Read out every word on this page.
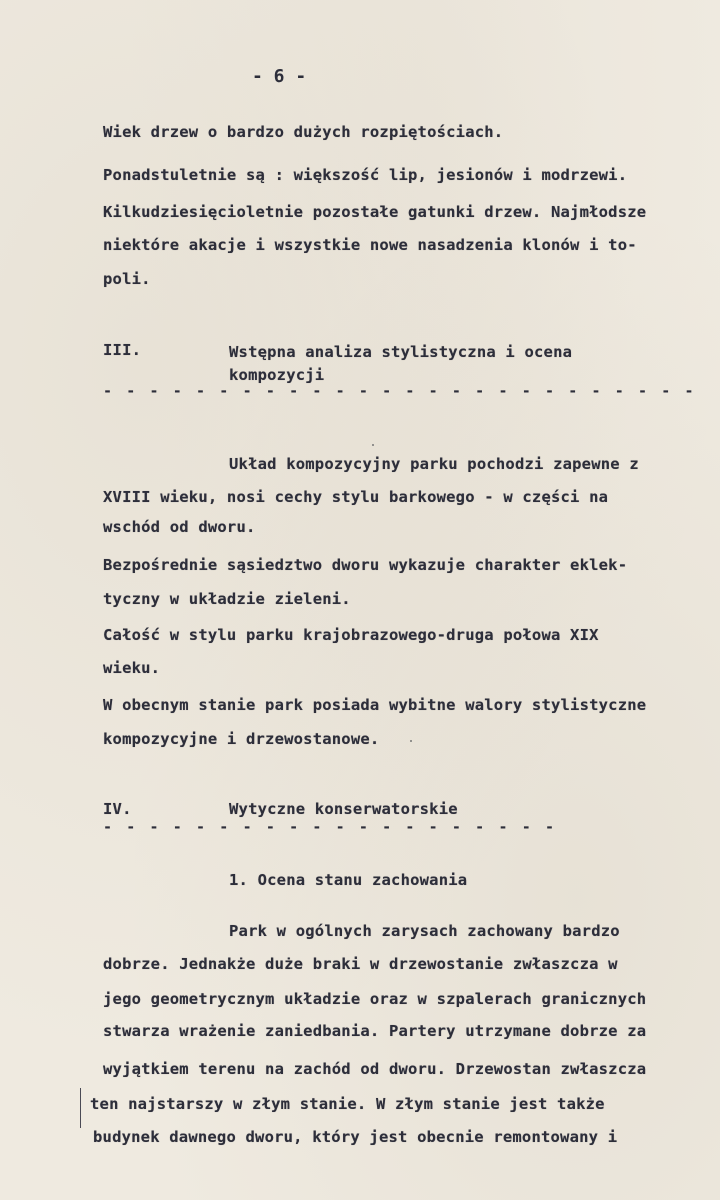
- 6 -
Wiek drzew o bardzo dużych rozpiętościach.
Ponadstuletnie są : większość lip, jesionów i modrzewi.
Kilkudziesięcioletnie pozostałe gatunki drzew. Najmłodsze
niektóre akacje i wszystkie nowe nasadzenia klonów i to-
poli.
III.	Wstępna analiza stylistyczna i ocena
kompozycji
- - - - - - - - - - - - - - - - - - - - - - - - - -
Układ kompozycyjny parku pochodzi zapewne z
XVIII wieku, nosi cechy stylu barkowego - w części na
wschód od dworu.
Bezpośrednie sąsiedztwo dworu wykazuje charakter eklek-
tyczny w układzie zieleni.
Całość w stylu parku krajobrazowego-druga połowa XIX
wieku.
W obecnym stanie park posiada wybitne walory stylistyczne
kompozycyjne i drzewostanowe.
IV.	Wytyczne konserwatorskie
- - - - - - - - - - - - - - - - - - - -
1. Ocena stanu zachowania
Park w ogólnych zarysach zachowany bardzo
dobrze. Jednakże duże braki w drzewostanie zwłaszcza w
jego geometrycznym układzie oraz w szpalerach granicznych
stwarza wrażenie zaniedbania. Partery utrzymane dobrze za
wyjątkiem terenu na zachód od dworu. Drzewostan zwłaszcza
ten najstarszy w złym stanie. W złym stanie jest także
budynek dawnego dworu, który jest obecnie remontowany i
